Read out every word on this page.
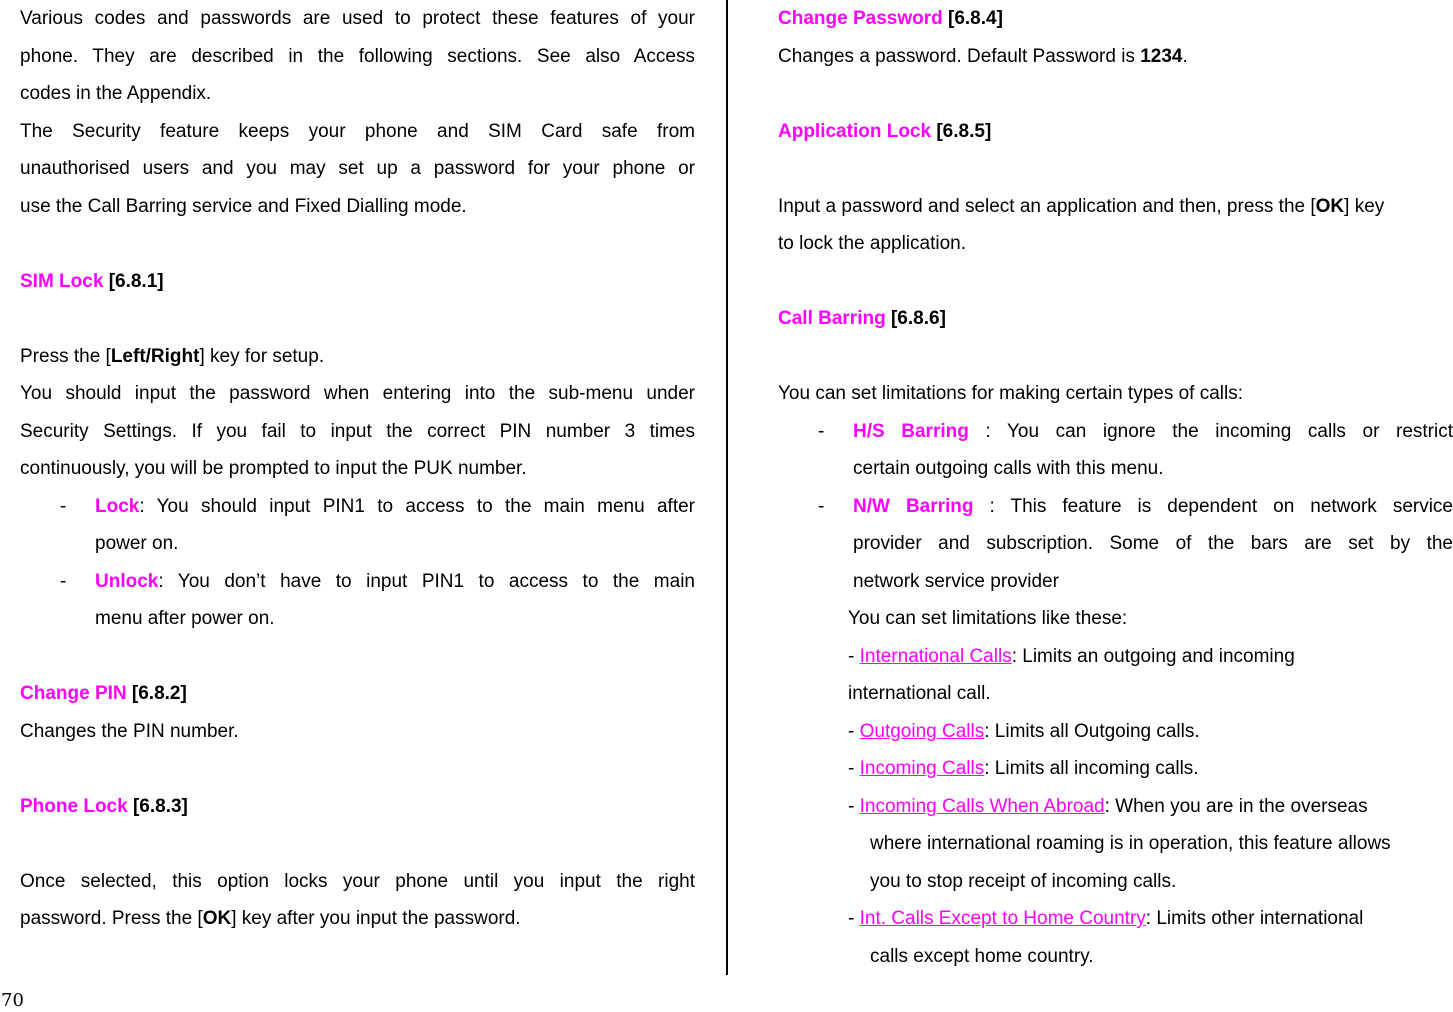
Various codes and passwords are used to protect these features of your
phone. They are described in the following sections. See also Access
codes in the Appendix.
The Security feature keeps your phone and SIM Card safe from
unauthorised users and you may set up a password for your phone or
use the Call Barring service and Fixed Dialling mode.
SIM Lock [6.8.1]
Press the [Left/Right] key for setup.
You should input the password when entering into the sub-menu under
Security Settings. If you fail to input the correct PIN number 3 times
continuously, you will be prompted to input the PUK number.
- Lock: You should input PIN1 to access to the main menu after
power on.
- Unlock: You don’t have to input PIN1 to access to the main
menu after power on.
Change PIN [6.8.2]
Changes the PIN number.
Phone Lock [6.8.3]
Once selected, this option locks your phone until you input the right
password. Press the [OK] key after you input the password.
Change Password [6.8.4]
Changes a password. Default Password is 1234.
Application Lock [6.8.5]
Input a password and select an application and then, press the [OK] key
to lock the application.
Call Barring [6.8.6]
You can set limitations for making certain types of calls:
- H/S Barring : You can ignore the incoming calls or restrict
certain outgoing calls with this menu.
- N/W Barring : This feature is dependent on network service
provider and subscription. Some of the bars are set by the
network service provider
You can set limitations like these:
- International Calls: Limits an outgoing and incoming
international call.
- Outgoing Calls: Limits all Outgoing calls.
- Incoming Calls: Limits all incoming calls.
- Incoming Calls When Abroad: When you are in the overseas
where international roaming is in operation, this feature allows
you to stop receipt of incoming calls.
- Int. Calls Except to Home Country: Limits other international
calls except home country.
70
